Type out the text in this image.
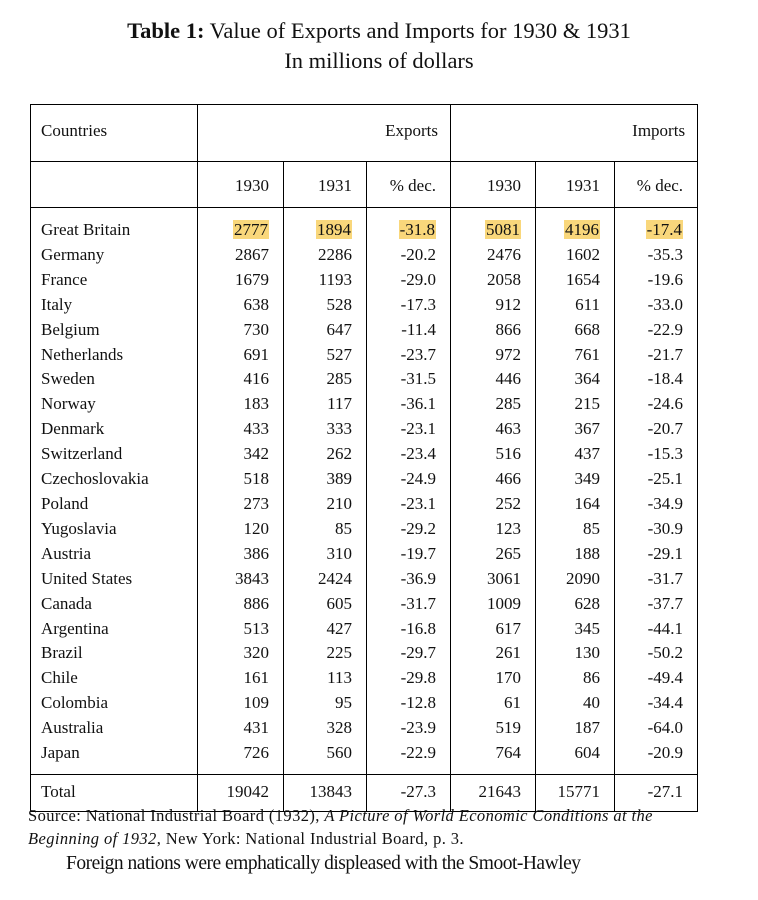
Table 1: Value of Exports and Imports for 1930 & 1931
In millions of dollars
Countries	Exports			Imports		
	1930	1931	% dec.	1930	1931	% dec.

Great Britain	2777	1894	-31.8	5081	4196	-17.4
Germany	2867	2286	-20.2	2476	1602	-35.3
France	1679	1193	-29.0	2058	1654	-19.6
Italy	638	528	-17.3	912	611	-33.0
Belgium	730	647	-11.4	866	668	-22.9
Netherlands	691	527	-23.7	972	761	-21.7
Sweden	416	285	-31.5	446	364	-18.4
Norway	183	117	-36.1	285	215	-24.6
Denmark	433	333	-23.1	463	367	-20.7
Switzerland	342	262	-23.4	516	437	-15.3
Czechoslovakia	518	389	-24.9	466	349	-25.1
Poland	273	210	-23.1	252	164	-34.9
Yugoslavia	120	85	-29.2	123	85	-30.9
Austria	386	310	-19.7	265	188	-29.1
United States	3843	2424	-36.9	3061	2090	-31.7
Canada	886	605	-31.7	1009	628	-37.7
Argentina	513	427	-16.8	617	345	-44.1
Brazil	320	225	-29.7	261	130	-50.2
Chile	161	113	-29.8	170	86	-49.4
Colombia	109	95	-12.8	61	40	-34.4
Australia	431	328	-23.9	519	187	-64.0
Japan	726	560	-22.9	764	604	-20.9
Total	19042	13843	-27.3	21643	15771	-27.1
Source: National Industrial Board (1932), A Picture of World Economic Conditions at the Beginning of 1932, New York: National Industrial Board, p. 3.
Foreign nations were emphatically displeased with the Smoot-Hawley
